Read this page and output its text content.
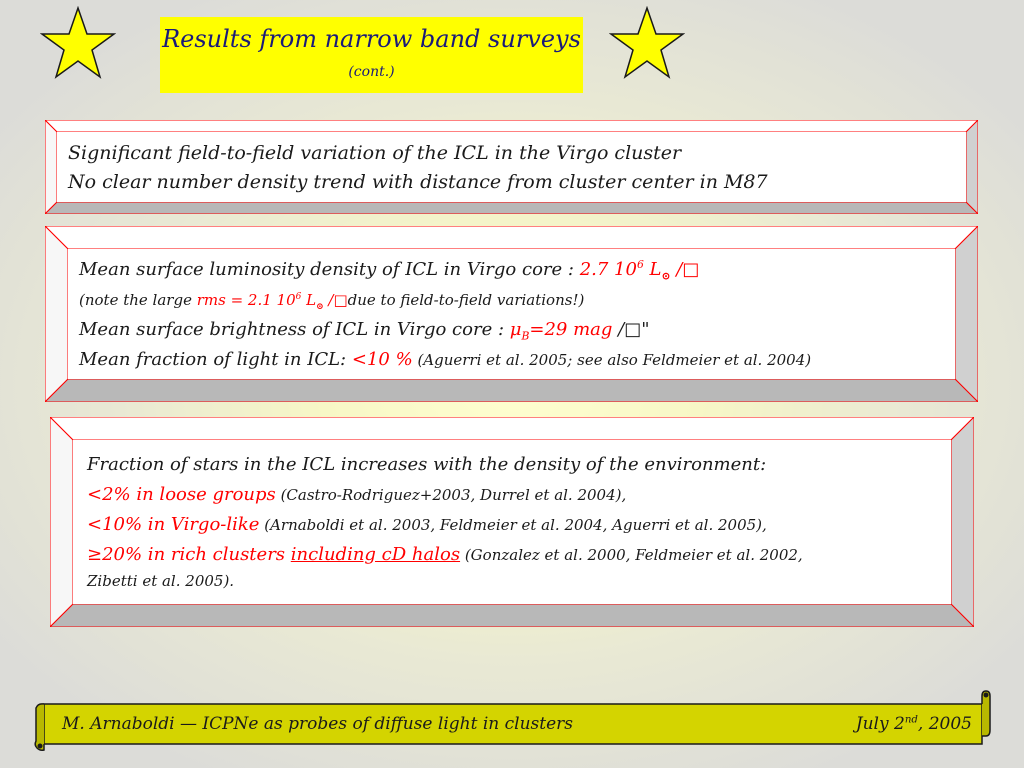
Results from narrow band surveys (cont.)
Significant field-to-field variation of the ICL in the Virgo cluster
No clear number density trend with distance from cluster center in M87
Mean surface luminosity density of ICL in Virgo core : 2.7 $10^6$ $L_⊙$ /□
(note the large rms = 2.1 $10^6$ $L_⊙$ /□due to field-to-field variations!)
Mean surface brightness of ICL in Virgo core : $\mu_B=29$ mag /□"
Mean fraction of light in ICL: <10 % (Aguerri et al. 2005; see also Feldmeier et al. 2004)
Fraction of stars in the ICL increases with the density of the environment:
<2% in loose groups (Castro-Rodriguez+2003, Durrel et al. 2004),
<10% in Virgo-like (Arnaboldi et al. 2003, Feldmeier et al. 2004, Aguerri et al. 2005),
≥20% in rich clusters including cD halos (Gonzalez et al. 2000, Feldmeier et al. 2002,
Zibetti et al. 2005).
M. Arnaboldi — ICPNe as probes of diffuse light in clusters	July 2nd, 2005
